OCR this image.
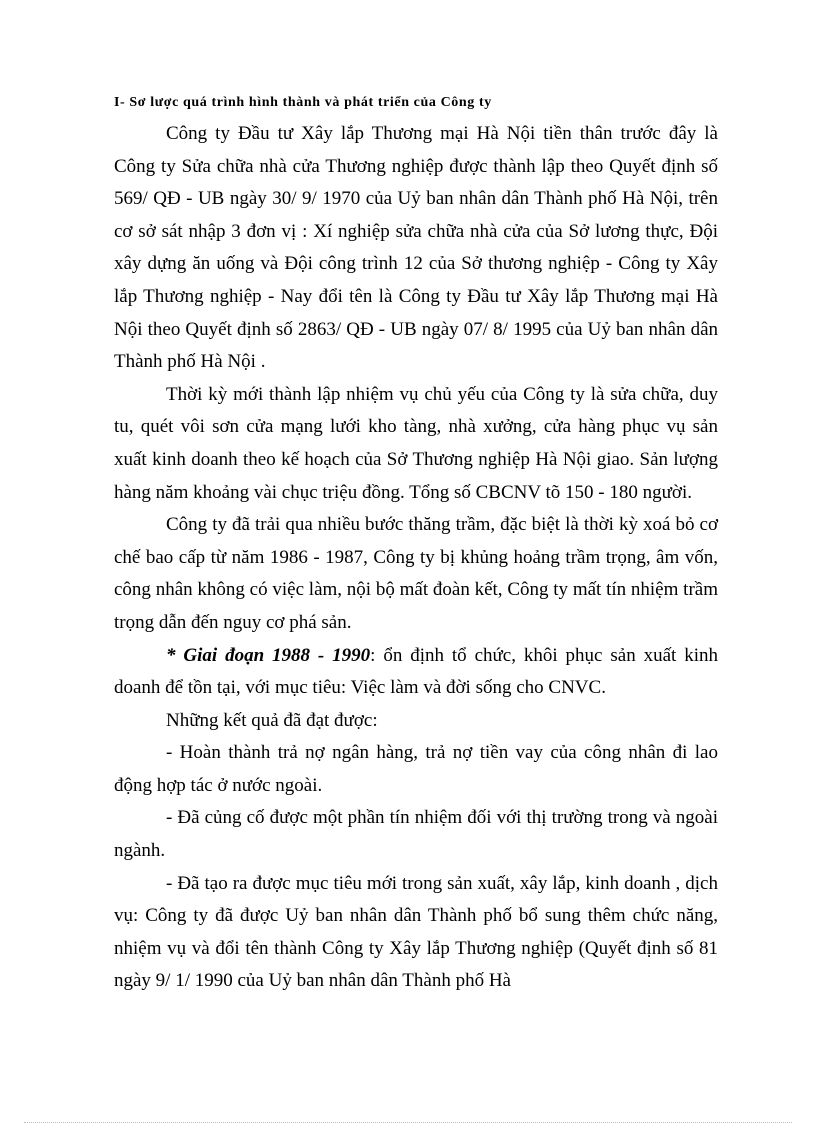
I- Sơ lược quá trình hình thành và phát triển của Công ty

Công ty Đầu tư Xây lắp Thương mại Hà Nội tiền thân trước đây là Công ty Sửa chữa nhà cửa Thương nghiệp được thành lập theo Quyết định số 569/ QĐ - UB ngày 30/ 9/ 1970 của Uỷ ban nhân dân Thành phố Hà Nội, trên cơ sở sát nhập 3 đơn vị : Xí nghiệp sửa chữa nhà cửa của Sở lương thực, Đội xây dựng ăn uống và Đội công trình 12 của Sở thương nghiệp - Công ty Xây lắp Thương nghiệp - Nay đổi tên là Công ty Đầu tư Xây lắp Thương mại Hà Nội theo Quyết định số 2863/ QĐ - UB ngày 07/ 8/ 1995 của Uỷ ban nhân dân Thành phố Hà Nội .

Thời kỳ mới thành lập nhiệm vụ chủ yếu của Công ty là sửa chữa, duy tu, quét vôi sơn cửa mạng lưới kho tàng, nhà xưởng, cửa hàng phục vụ sản xuất kinh doanh theo kế hoạch của Sở Thương nghiệp Hà Nội giao. Sản lượng hàng năm khoảng vài chục triệu đồng. Tổng số CBCNV tõ 150 - 180 người.

Công ty đã trải qua nhiều bước thăng trầm, đặc biệt là thời kỳ xoá bỏ cơ chế bao cấp từ năm 1986 - 1987, Công ty bị khủng hoảng trầm trọng, âm vốn, công nhân không có việc làm, nội bộ mất đoàn kết, Công ty mất tín nhiệm trầm trọng dẫn đến nguy cơ phá sản.

* Giai đoạn 1988 - 1990: ổn định tổ chức, khôi phục sản xuất kinh doanh để tồn tại, với mục tiêu: Việc làm và đời sống cho CNVC.

Những kết quả đã đạt được:

- Hoàn thành trả nợ ngân hàng, trả nợ tiền vay của công nhân đi lao động hợp tác ở nước ngoài.

- Đã củng cố được một phần tín nhiệm đối với thị trường trong và ngoài ngành.

- Đã tạo ra được mục tiêu mới trong sản xuất, xây lắp, kinh doanh , dịch vụ: Công ty đã được Uỷ ban nhân dân Thành phố bổ sung thêm chức năng, nhiệm vụ và đổi tên thành Công ty Xây lắp Thương nghiệp (Quyết định số 81 ngày 9/ 1/ 1990 của Uỷ ban nhân dân Thành phố Hà
